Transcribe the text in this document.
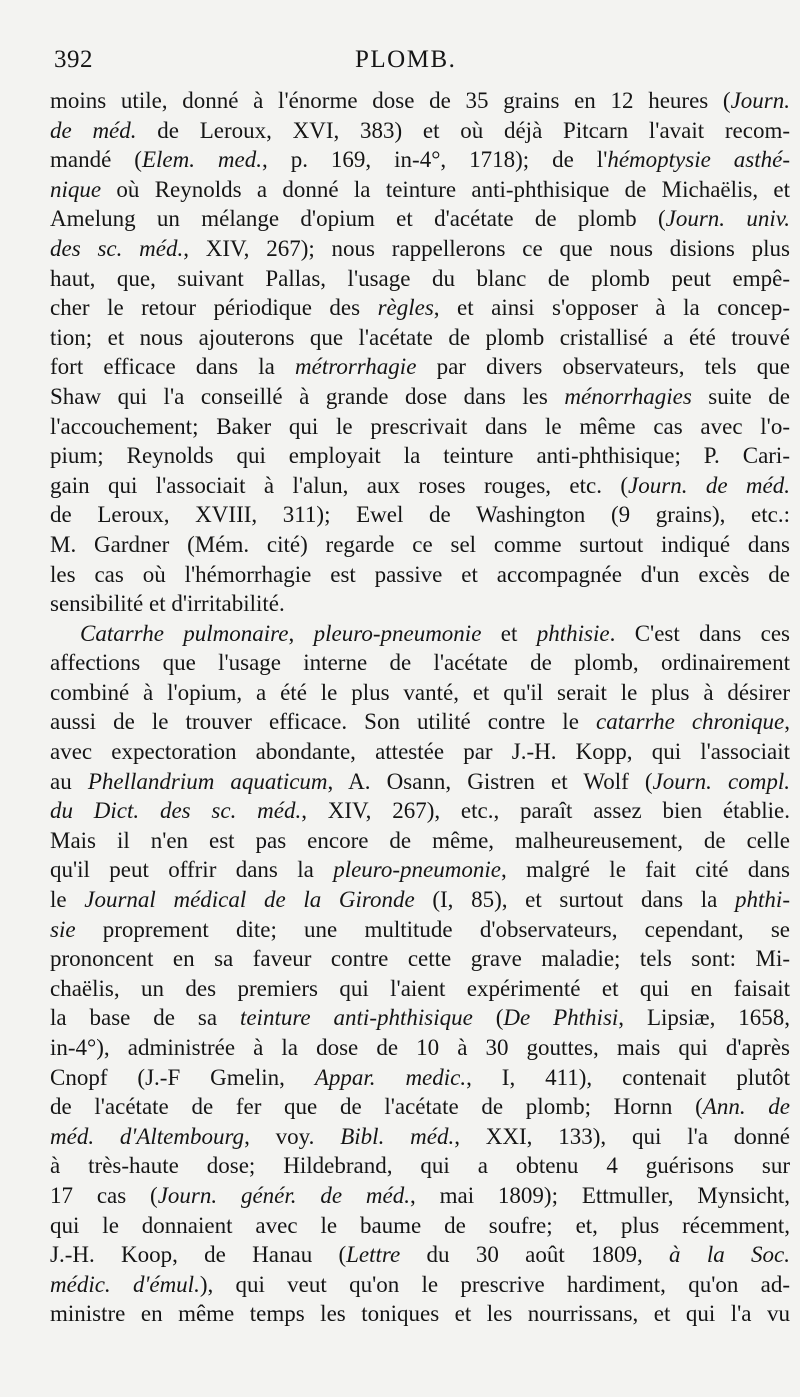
392	PLOMB.
moins utile, donné à l'énorme dose de 35 grains en 12 heures (Journ.
de méd. de Leroux, XVI, 383) et où déjà Pitcarn l'avait recom-
mandé (Elem. med., p. 169, in-4°, 1718); de l'hémoptysie asthé-
nique où Reynolds a donné la teinture anti-phthisique de Michaëlis, et
Amelung un mélange d'opium et d'acétate de plomb (Journ. univ.
des sc. méd., XIV, 267); nous rappellerons ce que nous disions plus
haut, que, suivant Pallas, l'usage du blanc de plomb peut empê-
cher le retour périodique des règles, et ainsi s'opposer à la concep-
tion; et nous ajouterons que l'acétate de plomb cristallisé a été trouvé
fort efficace dans la métrorrhagie par divers observateurs, tels que
Shaw qui l'a conseillé à grande dose dans les ménorrhagies suite de
l'accouchement; Baker qui le prescrivait dans le même cas avec l'o-
pium; Reynolds qui employait la teinture anti-phthisique; P. Cari-
gain qui l'associait à l'alun, aux roses rouges, etc. (Journ. de méd.
de Leroux, XVIII, 311); Ewel de Washington (9 grains), etc.:
M. Gardner (Mém. cité) regarde ce sel comme surtout indiqué dans
les cas où l'hémorrhagie est passive et accompagnée d'un excès de
sensibilité et d'irritabilité.
Catarrhe pulmonaire, pleuro-pneumonie et phthisie. C'est dans ces
affections que l'usage interne de l'acétate de plomb, ordinairement
combiné à l'opium, a été le plus vanté, et qu'il serait le plus à désirer
aussi de le trouver efficace. Son utilité contre le catarrhe chronique,
avec expectoration abondante, attestée par J.-H. Kopp, qui l'associait
au Phellandrium aquaticum, A. Osann, Gistren et Wolf (Journ. compl.
du Dict. des sc. méd., XIV, 267), etc., paraît assez bien établie.
Mais il n'en est pas encore de même, malheureusement, de celle
qu'il peut offrir dans la pleuro-pneumonie, malgré le fait cité dans
le Journal médical de la Gironde (I, 85), et surtout dans la phthi-
sie proprement dite; une multitude d'observateurs, cependant, se
prononcent en sa faveur contre cette grave maladie; tels sont: Mi-
chaëlis, un des premiers qui l'aient expérimenté et qui en faisait
la base de sa teinture anti-phthisique (De Phthisi, Lipsiæ, 1658,
in-4°), administrée à la dose de 10 à 30 gouttes, mais qui d'après
Cnopf (J.-F Gmelin, Appar. medic., I, 411), contenait plutôt
de l'acétate de fer que de l'acétate de plomb; Hornn (Ann. de
méd. d'Altembourg, voy. Bibl. méd., XXI, 133), qui l'a donné
à très-haute dose; Hildebrand, qui a obtenu 4 guérisons sur
17 cas (Journ. génér. de méd., mai 1809); Ettmuller, Mynsicht,
qui le donnaient avec le baume de soufre; et, plus récemment,
J.-H. Koop, de Hanau (Lettre du 30 août 1809, à la Soc.
médic. d'émul.), qui veut qu'on le prescrive hardiment, qu'on ad-
ministre en même temps les toniques et les nourrissans, et qui l'a vu
